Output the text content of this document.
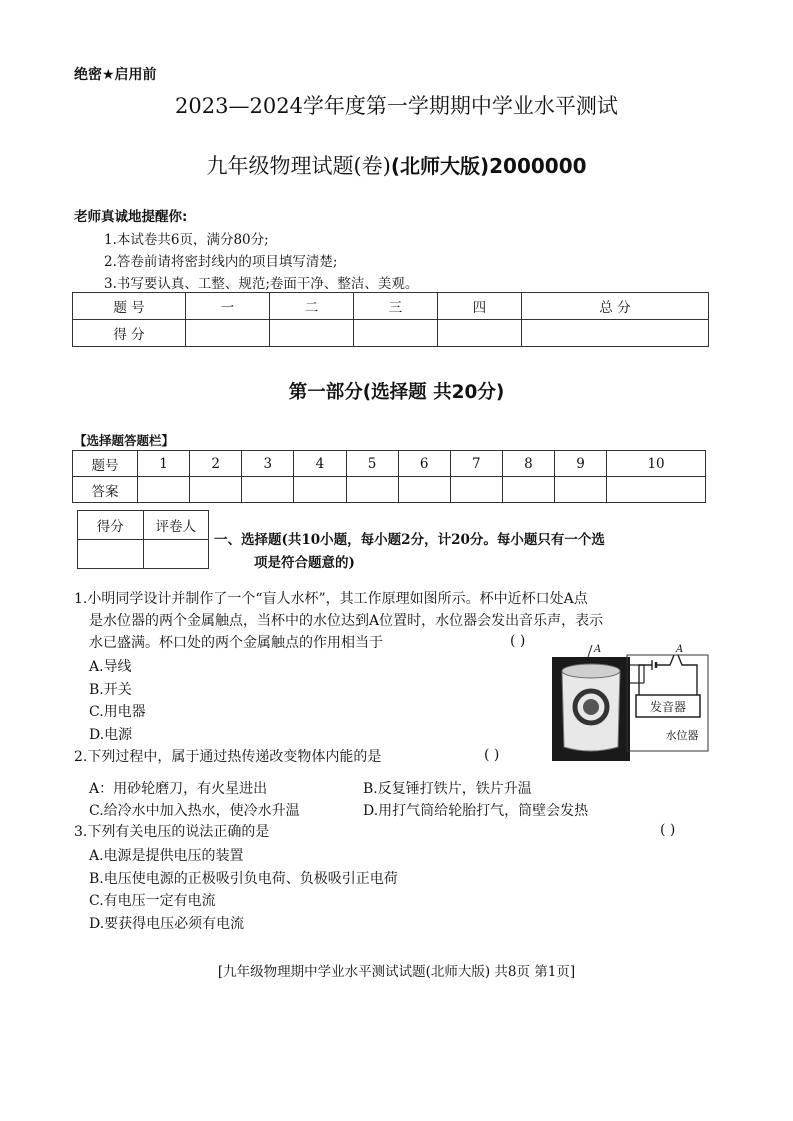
绝密★启用前
2023—2024学年度第一学期期中学业水平测试
九年级物理试题(卷)(北师大版)2000000
老师真诚地提醒你:
1.本试卷共6页，满分80分;
2.答卷前请将密封线内的项目填写清楚;
3.书写要认真、工整、规范;卷面干净、整洁、美观。
题 号	一	二	三	四	总 分
得 分					
第一部分(选择题 共20分)
【选择题答题栏】
题号	1	2	3	4	5	6	7	8	9	10
答案										
得分	评卷人

一、选择题(共10小题，每小题2分，计20分。每小题只有一个选
项是符合题意的)
1.小明同学设计并制作了一个“盲人水杯”，其工作原理如图所示。杯中近杯口处A点
是水位器的两个金属触点，当杯中的水位达到A位置时，水位器会发出音乐声，表示
水已盛满。杯口处的两个金属触点的作用相当于	( )
A.导线
B.开关
C.用电器
D.电源
发音器
水位器
A	A
2.下列过程中，属于通过热传递改变物体内能的是	( )
A：用砂轮磨刀，有火星进出	B.反复锤打铁片，铁片升温
C.给冷水中加入热水，使冷水升温	D.用打气筒给轮胎打气，筒壁会发热
3.下列有关电压的说法正确的是	( )
A.电源是提供电压的装置
B.电压使电源的正极吸引负电荷、负极吸引正电荷
C.有电压一定有电流
D.要获得电压必须有电流
[九年级物理期中学业水平测试试题(北师大版) 共8页 第1页]
